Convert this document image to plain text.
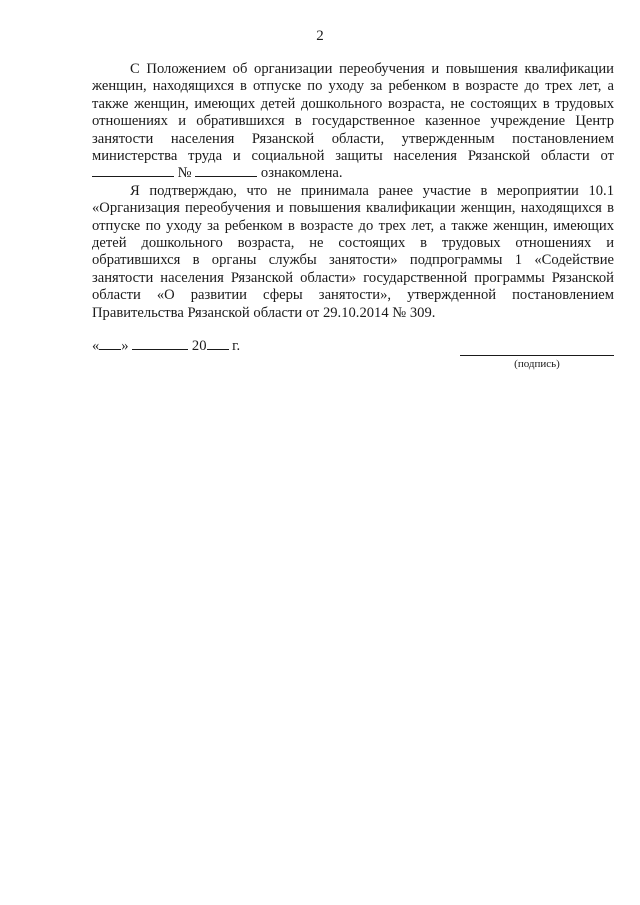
2

С Положением об организации переобучения и повышения квалификации женщин, находящихся в отпуске по уходу за ребенком в возрасте до трех лет, а также женщин, имеющих детей дошкольного возраста, не состоящих в трудовых отношениях и обратившихся в государственное казенное учреждение Центр занятости населения Рязанской области, утвержденным постановлением министерства труда и социальной защиты населения Рязанской области от  №	ознакомлена.

Я подтверждаю, что не принимала ранее участие в мероприятии 10.1 «Организация переобучения и повышения квалификации женщин, находящихся в отпуске по уходу за ребенком в возрасте до трех лет, а также женщин, имеющих детей дошкольного возраста, не состоящих в трудовых отношениях и обратившихся в органы службы занятости» подпрограммы 1 «Содействие занятости населения Рязанской области» государственной программы Рязанской области «О развитии сферы занятости», утвержденной постановлением Правительства Рязанской области от 29.10.2014 № 309.

« »	20 г.
(подпись)
